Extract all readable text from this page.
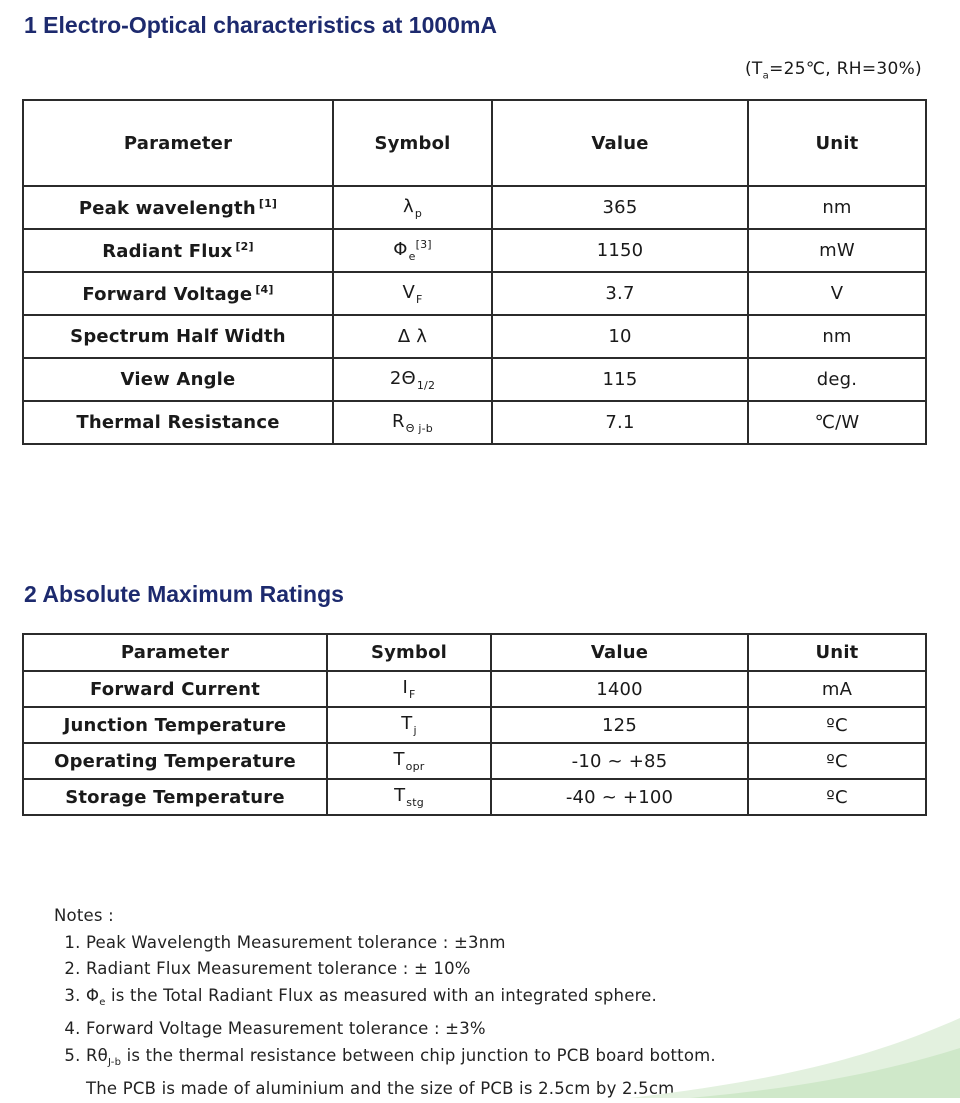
1 Electro-Optical characteristics at 1000mA
($T_a=25℃$, RH=30%)
Parameter	Symbol	Value	Unit
Peak wavelength [1]	$\lambda_p$	365	nm
Radiant Flux [2]	$\Phi_e[3]$	1150	mW
Forward Voltage [4]	$V_F$	3.7	V
Spectrum Half Width	Δ λ	10	nm
View Angle	$2\Theta_{1/2}$	115	deg.
Thermal Resistance	$R_{\Theta j-b}$	7.1	℃/W
2 Absolute Maximum Ratings
Parameter	Symbol	Value	Unit
Forward Current	$I_F$	1400	mA
Junction Temperature	$T_j$	125	ºC
Operating Temperature	$T_{opr}$	-10 ~ +85	ºC
Storage Temperature	$T_{stg}$	-40 ~ +100	ºC

Notes :

1. Peak Wavelength Measurement tolerance : ±3nm
2. Radiant Flux Measurement tolerance : ± 10%
3. $\Phi_e$ is the Total Radiant Flux as measured with an integrated sphere.
4. Forward Voltage Measurement tolerance : ±3%
5. $R\theta_{J-b}$ is the thermal resistance between chip junction to PCB board bottom.
The PCB is made of aluminium and the size of PCB is 2.5cm by 2.5cm
